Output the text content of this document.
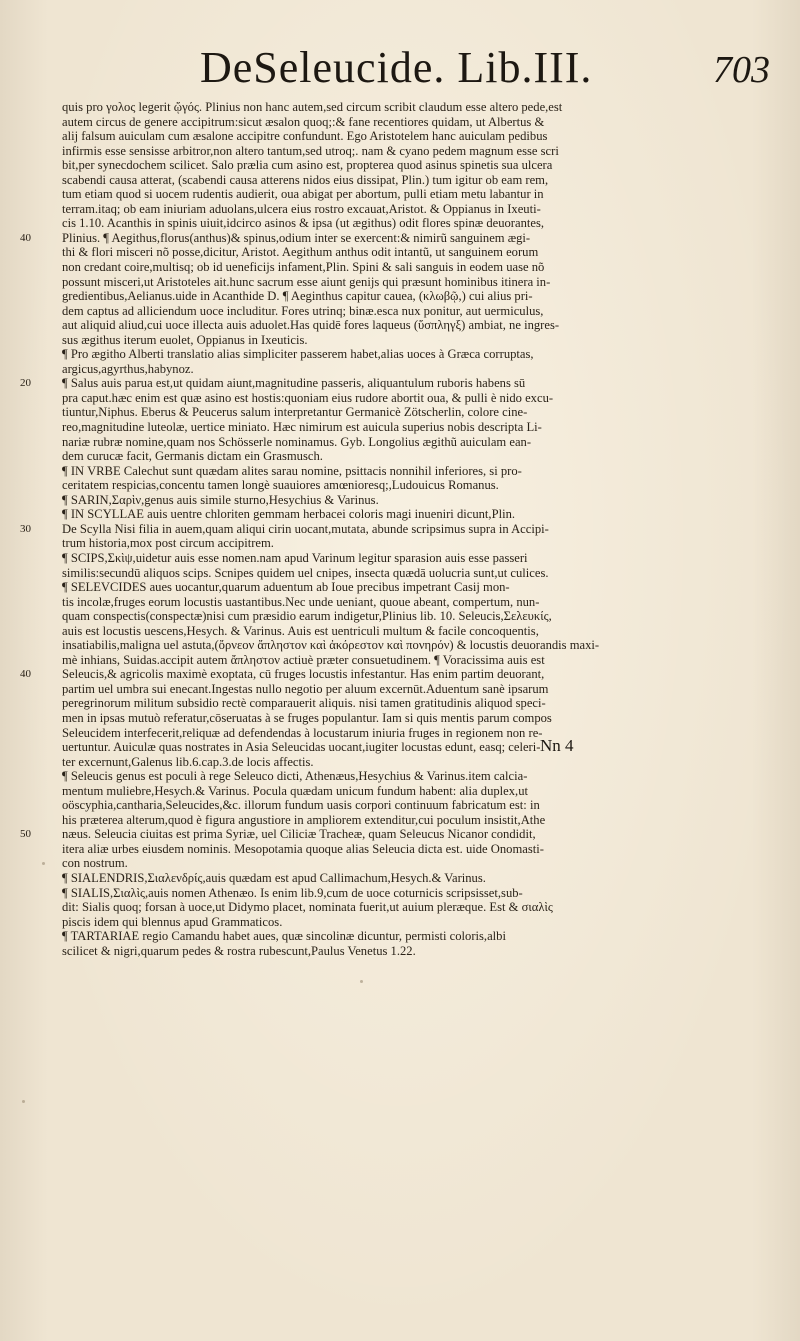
DeSeleucide. Lib.III.	703
quis pro γολος legerit ᾤγός. Plinius non hanc autem,sed circum scribit claudum esse altero pede,est
autem circus de genere accipitrum:sicut æsalon quoq;:& fane recentiores quidam, ut Albertus &
alij falsum auiculam cum æsalone accipitre confundunt. Ego Aristotelem hanc auiculam pedibus
infirmis esse sensisse arbitror,non altero tantum,sed utroq;. nam & cyano pedem magnum esse scri
bit,per synecdochem scilicet. Salo prælia cum asino est, propterea quod asinus spinetis sua ulcera
scabendi causa atterat, (scabendi causa atterens nidos eius dissipat, Plin.) tum igitur ob eam rem,
tum etiam quod si uocem rudentis audierit, oua abigat per abortum, pulli etiam metu labantur in
terram.itaq; ob eam iniuriam aduolans,ulcera eius rostro excauat,Aristot. & Oppianus in Ixeuti-
cis 1.10. Acanthis in spinis uiuit,idcirco asinos & ipsa (ut ægithus) odit flores spinæ deuorantes,
Plinius. ¶ Aegithus,florus(anthus)& spinus,odium inter se exercent:& nimirũ sanguinem ægi-
40
thi & flori misceri nõ posse,dicitur, Aristot. Aegithum anthus odit intantũ, ut sanguinem eorum
non credant coire,multisq; ob id ueneficijs infament,Plin. Spini & sali sanguis in eodem uase nõ
possunt misceri,ut Aristoteles ait.hunc sacrum esse aiunt genijs qui præsunt hominibus itinera in-
gredientibus,Aelianus.uide in Acanthide D. ¶ Aeginthus capitur cauea, (κλωβῷ,) cui alius pri-
dem captus ad alliciendum uoce includitur. Fores utrinq; binæ.esca nux ponitur, aut uermiculus,
aut aliquid aliud,cui uoce illecta auis aduolet.Has quidē fores laqueus (ὕσπληγξ) ambiat, ne ingres-
sus ægithus iterum euolet, Oppianus in Ixeuticis.
¶ Pro ægitho Alberti translatio alias simpliciter passerem habet,alias uoces à Græca corruptas,
argicus,agyrthus,habynoz.
¶ Salus auis parua est,ut quidam aiunt,magnitudine passeris, aliquantulum ruboris habens sū
20
pra caput.hæc enim est quæ asino est hostis:quoniam eius rudore abortit oua, & pulli è nido excu-
tiuntur,Niphus. Eberus & Peucerus salum interpretantur Germanicè Zötscherlin, colore cine-
reo,magnitudine luteolæ, uertice miniato. Hæc nimirum est auicula superius nobis descripta Li-
nariæ rubræ nomine,quam nos Schösserle nominamus. Gyb. Longolius ægithũ auiculam ean-
dem curucæ facit, Germanis dictam ein Grasmusch.
¶ IN VRBE Calechut sunt quædam alites sarau nomine, psittacis nonnihil inferiores, si pro-
ceritatem respicias,concentu tamen longè suauiores amœnioresq;,Ludouicus Romanus.
¶ SARIN,Σαρὶν,genus auis simile sturno,Hesychius & Varinus.
¶ IN SCYLLAE auis uentre chloriten gemmam herbacei coloris magi inueniri dicunt,Plin.
De Scylla Nisi filia in auem,quam aliqui cirin uocant,mutata, abunde scripsimus supra in Accipi-
30
trum historia,mox post circum accipitrem.
¶ SCIPS,Σκὶψ,uidetur auis esse nomen.nam apud Varinum legitur sparasion auis esse passeri
similis:secundū aliquos scips. Scnipes quidem uel cnipes, insecta quædā uolucria sunt,ut culices.
¶ SELEVCIDES aues uocantur,quarum aduentum ab Ioue precibus impetrant Casij mon-
tis incolæ,fruges eorum locustis uastantibus.Nec unde ueniant, quoue abeant, compertum, nun-
quam conspectis(conspectæ)nisi cum præsidio earum indigetur,Plinius lib. 10. Seleucis,Σελευκίς,
auis est locustis uescens,Hesych. & Varinus. Auis est uentriculi multum & facile concoquentis,
insatiabilis,maligna uel astuta,(ὄρνεον ἄπληστον καὶ ἀκόρεστον καὶ πονηρόν) & locustis deuorandis maxi-
mè inhians, Suidas.accipit autem ἄπληστον actiuè præter consuetudinem. ¶ Voracissima auis est
Seleucis,& agricolis maximè exoptata, cū fruges locustis infestantur. Has enim partim deuorant,
40
partim uel umbra sui enecant.Ingestas nullo negotio per aluum excernūt.Aduentum sanè ipsarum
peregrinorum militum subsidio rectè comparauerit aliquis. nisi tamen gratitudinis aliquod speci-
men in ipsas mutuò referatur,cōseruatas à se fruges populantur. Iam si quis mentis parum compos
Seleucidem interfecerit,reliquæ ad defendendas à locustarum iniuria fruges in regionem non re-
uertuntur. Auiculæ quas nostrates in Asia Seleucidas uocant,iugiter locustas edunt, easq; celeri-
ter excernunt,Galenus lib.6.cap.3.de locis affectis.
¶ Seleucis genus est poculi à rege Seleuco dicti, Athenæus,Hesychius & Varinus.item calcia-
mentum muliebre,Hesych.& Varinus. Pocula quædam unicum fundum habent: alia duplex,ut
oöscyphia,canthariа,Seleucides,&c. illorum fundum uasis corpori continuum fabricatum est: in
his præterea alterum,quod è figura angustiore in ampliorem extenditur,cui poculum insistit,Athe
næus. Seleucia ciuitas est prima Syriæ, uel Ciliciæ Tracheæ, quam Seleucus Nicanor condidit,
50
itera aliæ urbes eiusdem nominis. Mesopotamia quoque alias Seleucia dicta est. uide Onomasti-
con nostrum.
¶ SIALENDRIS,Σιαλενδρίς,auis quædam est apud Callimachum,Hesych.& Varinus.
¶ SIALIS,Σιαλὶς,auis nomen Athenæo. Is enim lib.9,cum de uoce coturnicis scripsisset,sub-
dit: Sialis quoq; forsan à uoce,ut Didymo placet, nominata fuerit,ut auium pleræque. Est & σιαλὶς
piscis idem qui blennus apud Grammaticos.
¶ TARTARIAE regio Camandu habet aues, quæ sincolinæ dicuntur, permisti coloris,albi
scilicet & nigri,quarum pedes & rostra rubescunt,Paulus Venetus 1.22.
Nn 4
